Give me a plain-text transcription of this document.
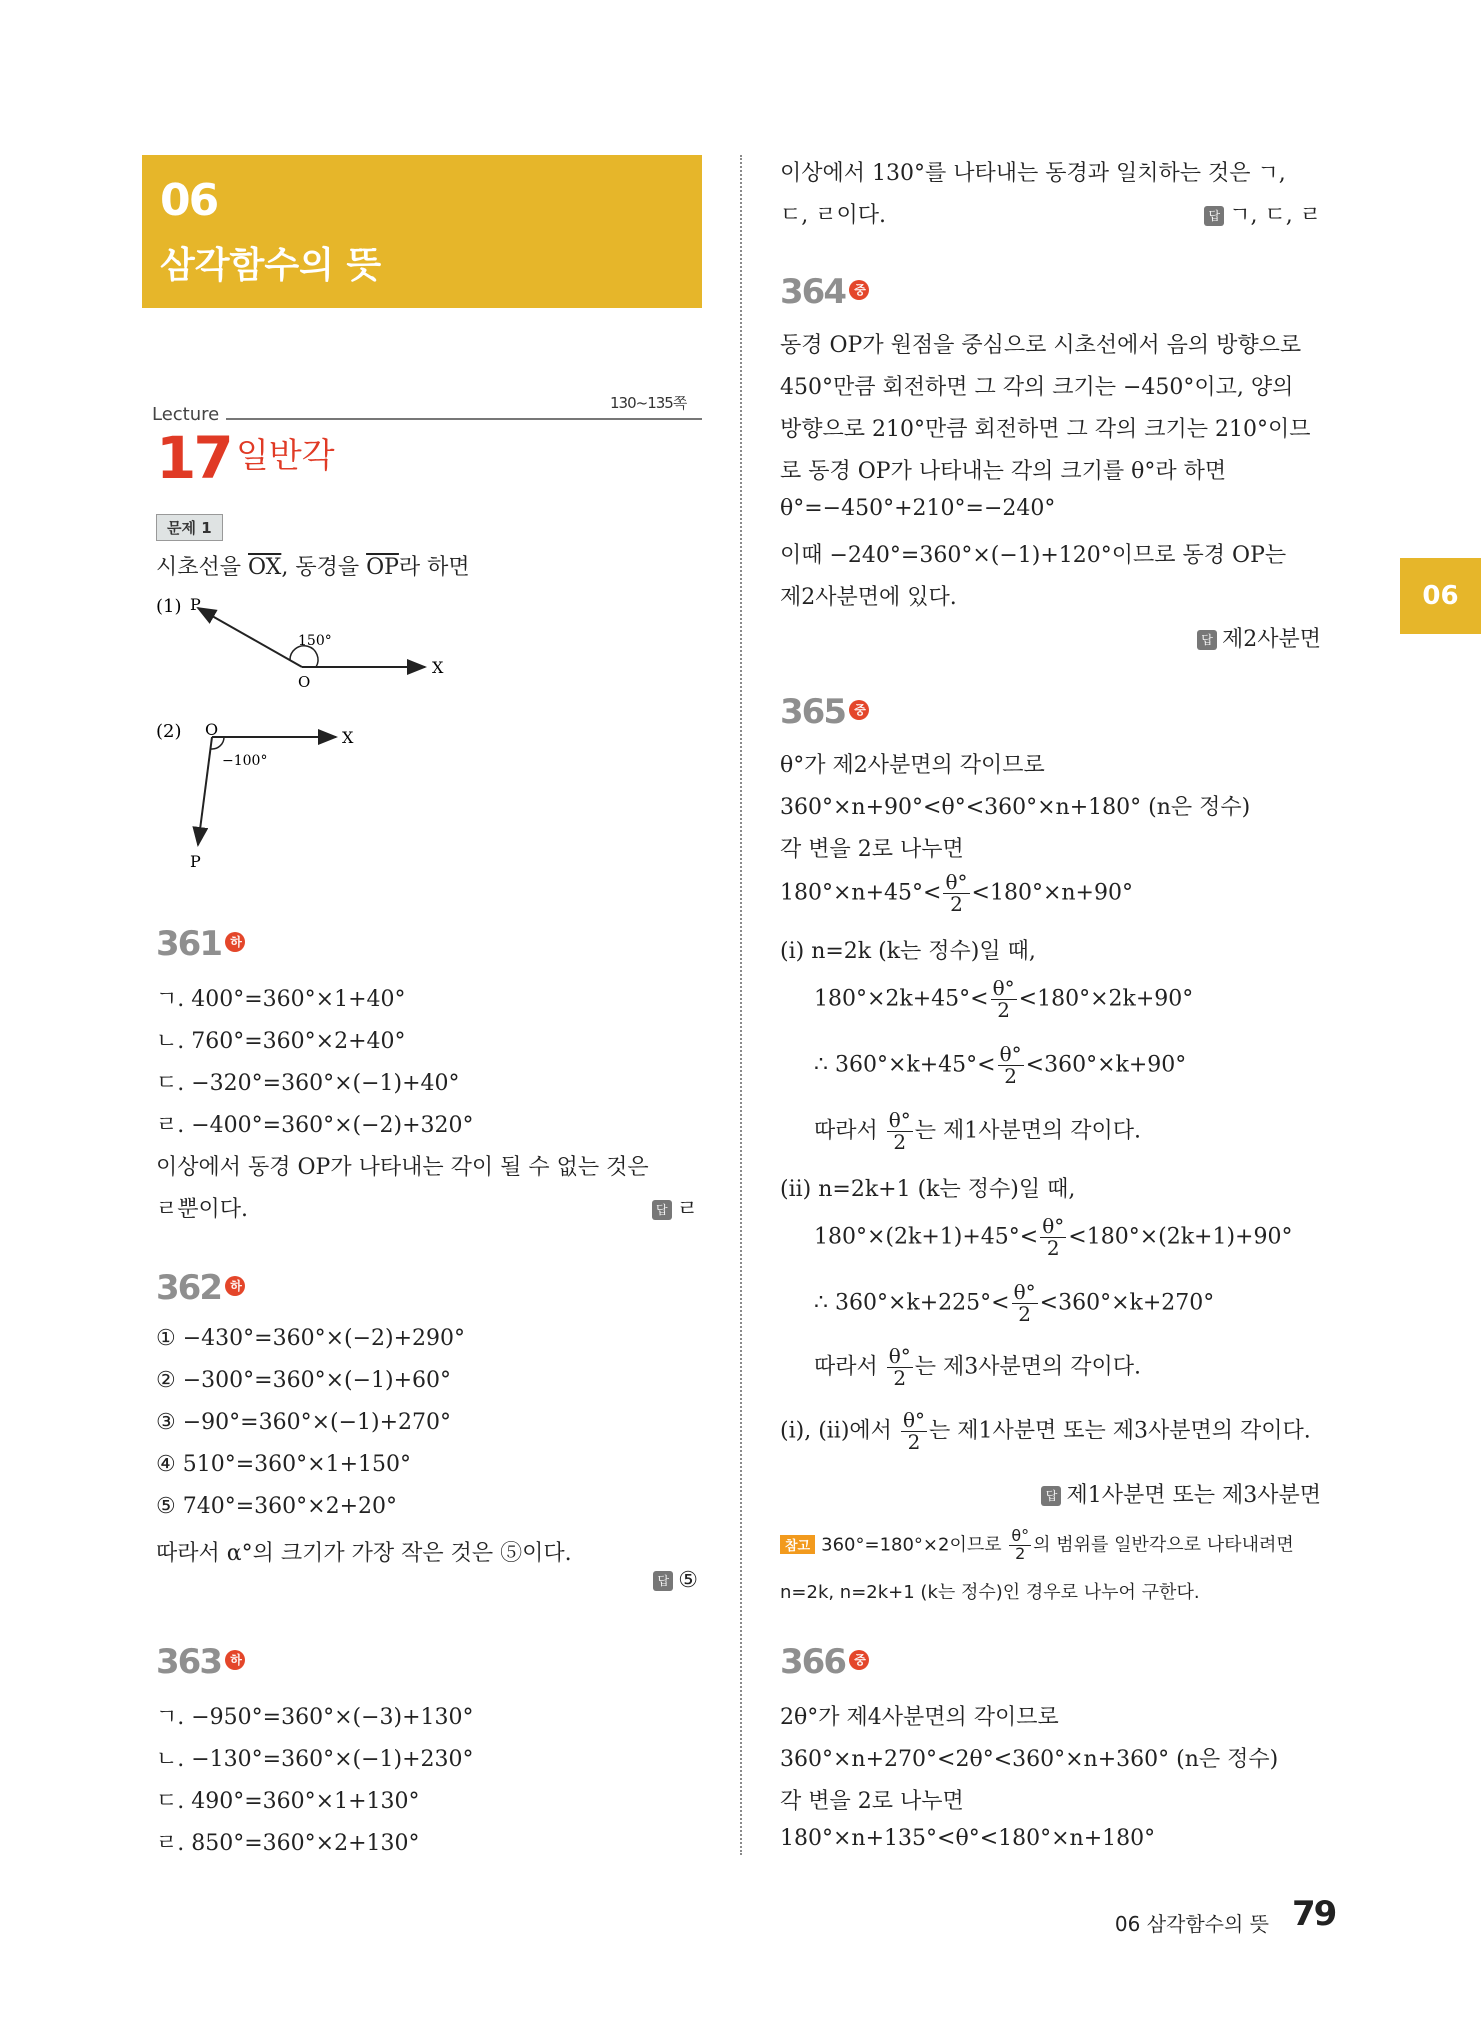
06
삼각함수의 뜻
Lecture
130~135쪽
17 일반각
문제 1
시초선을 $\overline{OX}$, 동경을 $\overline{OP}$라 하면
(1) P
O
X
150°
(2) O	X
−100°
P
361 하
ㄱ. 400°=360°×1+40°
ㄴ. 760°=360°×2+40°
ㄷ. −320°=360°×(−1)+40°
ㄹ. −400°=360°×(−2)+320°
이상에서 동경 OP가 나타내는 각이 될 수 없는 것은
ㄹ뿐이다.	답 ㄹ
362 하
① −430°=360°×(−2)+290°
② −300°=360°×(−1)+60°
③ −90°=360°×(−1)+270°
④ 510°=360°×1+150°
⑤ 740°=360°×2+20°
따라서 α°의 크기가 가장 작은 것은 ⑤이다.
답 ⑤
363 하
ㄱ. −950°=360°×(−3)+130°
ㄴ. −130°=360°×(−1)+230°
ㄷ. 490°=360°×1+130°
ㄹ. 850°=360°×2+130°
이상에서 130°를 나타내는 동경과 일치하는 것은 ㄱ,
ㄷ, ㄹ이다.	답 ㄱ, ㄷ, ㄹ
364 중
동경 OP가 원점을 중심으로 시초선에서 음의 방향으로
450°만큼 회전하면 그 각의 크기는 −450°이고, 양의
방향으로 210°만큼 회전하면 그 각의 크기는 210°이므
로 동경 OP가 나타내는 각의 크기를 θ°라 하면
θ°=−450°+210°=−240°
이때 −240°=360°×(−1)+120°이므로 동경 OP는
제2사분면에 있다.
답 제2사분면
365 중
θ°가 제2사분면의 각이므로
360°×n+90°<θ°<360°×n+180° (n은 정수)
각 변을 2로 나누면
$180^\circ\times n+45^\circ< \frac{\theta^\circ}{2} <180^\circ\times n+90^\circ$
(i) n=2k (k는 정수)일 때,
$180^\circ\times 2k+45^\circ< \frac{\theta^\circ}{2} <180^\circ\times 2k+90^\circ$
∴ $360^\circ\times k+45^\circ< \frac{\theta^\circ}{2} <360^\circ\times k+90^\circ$
따라서 $\frac{\theta^\circ}{2}$ 는 제1사분면의 각이다.
(ii) n=2k+1 (k는 정수)일 때,
$180^\circ\times(2k+1)+45^\circ< \frac{\theta^\circ}{2} <180^\circ\times(2k+1)+90^\circ$
∴ $360^\circ\times k+225^\circ< \frac{\theta^\circ}{2} <360^\circ\times k+270^\circ$
따라서 $\frac{\theta^\circ}{2}$ 는 제3사분면의 각이다.
(i), (ii)에서 $\frac{\theta^\circ}{2}$ 는 제1사분면 또는 제3사분면의 각이다.
답 제1사분면 또는 제3사분면
참고 360°=180°×2이므로 $\frac{\theta^\circ}{2}$ 의 범위를 일반각으로 나타내려면
n=2k, n=2k+1 (k는 정수)인 경우로 나누어 구한다.
366 중
2θ°가 제4사분면의 각이므로
360°×n+270°<2θ°<360°×n+360° (n은 정수)
각 변을 2로 나누면
180°×n+135°<θ°<180°×n+180°
06
06 삼각함수의 뜻 79
